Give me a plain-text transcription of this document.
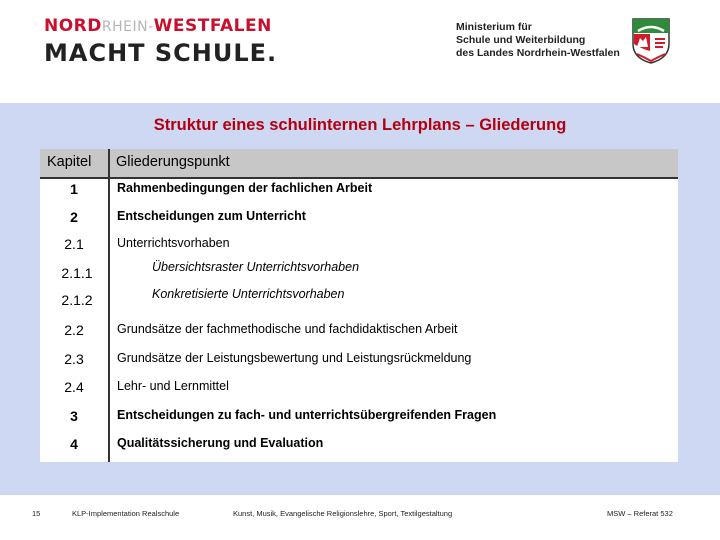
NORDRHEIN-WESTFALEN
MACHT SCHULE.
Ministerium für
Schule und Weiterbildung
des Landes Nordrhein-Westfalen
Struktur eines schulinternen Lehrplans – Gliederung
Kapitel Gliederungspunkt
1	Rahmenbedingungen der fachlichen Arbeit
2	Entscheidungen zum Unterricht
2.1	Unterrichtsvorhaben
2.1.1	Übersichtsraster Unterrichtsvorhaben
2.1.2	Konkretisierte Unterrichtsvorhaben
2.2	Grundsätze der fachmethodische und fachdidaktischen Arbeit
2.3	Grundsätze der Leistungsbewertung und Leistungsrückmeldung
2.4	Lehr- und Lernmittel
3	Entscheidungen zu fach- und unterrichtsübergreifenden Fragen
4	Qualitätssicherung und Evaluation
15	KLP-Implementation Realschule	Kunst, Musik, Evangelische Religionslehre, Sport, Textilgestaltung	MSW – Referat 532
